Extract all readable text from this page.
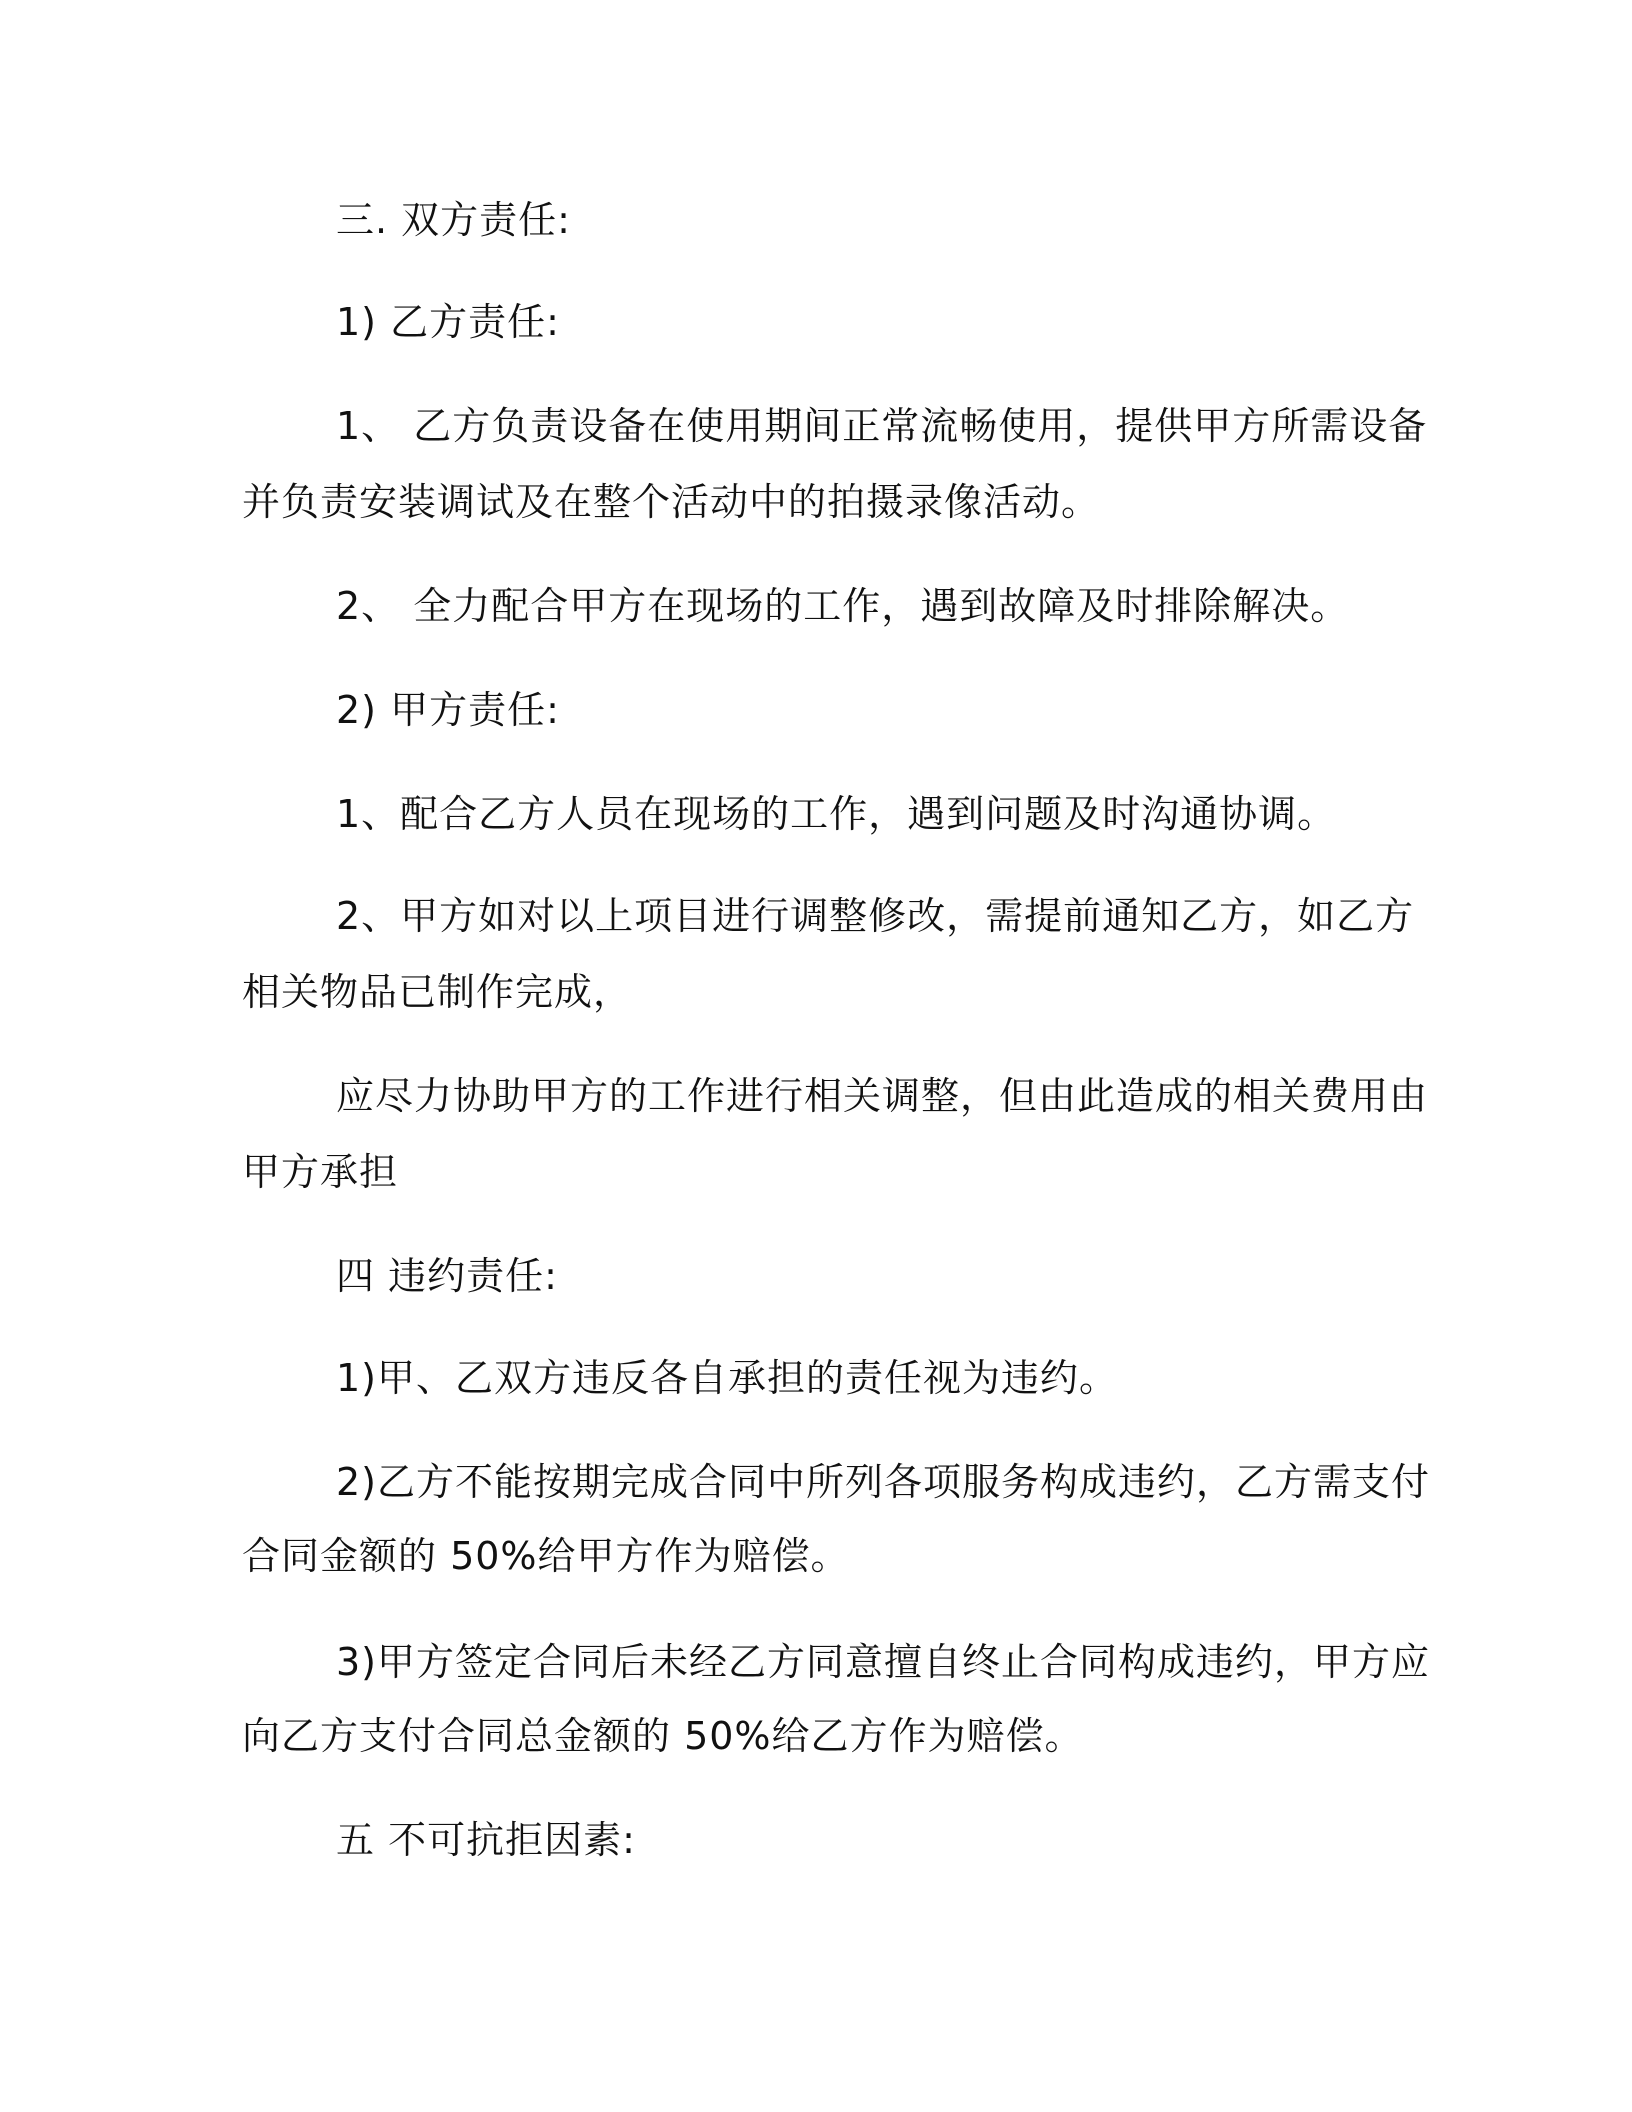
三. 双方责任:
1) 乙方责任:
1、 乙方负责设备在使用期间正常流畅使用，提供甲方所需设备
并负责安装调试及在整个活动中的拍摄录像活动。
2、 全力配合甲方在现场的工作，遇到故障及时排除解决。
2) 甲方责任:
1、配合乙方人员在现场的工作，遇到问题及时沟通协调。
2、甲方如对以上项目进行调整修改，需提前通知乙方，如乙方
相关物品已制作完成，
应尽力协助甲方的工作进行相关调整，但由此造成的相关费用由
甲方承担
四 违约责任:
1)甲、乙双方违反各自承担的责任视为违约。
2)乙方不能按期完成合同中所列各项服务构成违约，乙方需支付
合同金额的 50%给甲方作为赔偿。
3)甲方签定合同后未经乙方同意擅自终止合同构成违约，甲方应
向乙方支付合同总金额的 50%给乙方作为赔偿。
五 不可抗拒因素:
